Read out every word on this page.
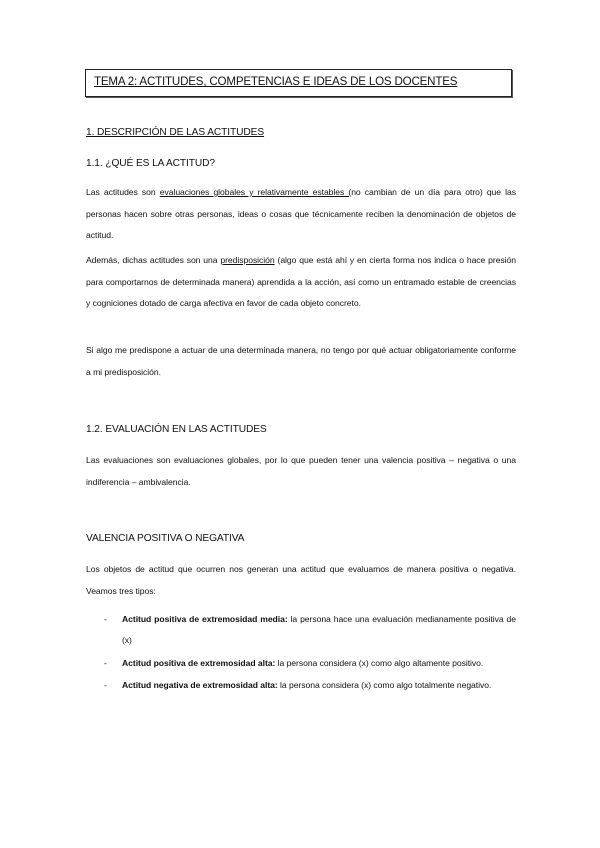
TEMA 2: ACTITUDES, COMPETENCIAS E IDEAS DE LOS DOCENTES
1. DESCRIPCIÓN DE LAS ACTITUDES
1.1. ¿QUÉ ES LA ACTITUD?

Las actitudes son evaluaciones globales y relativamente estables (no cambian de un día para otro) que las personas hacen sobre otras personas, ideas o cosas que técnicamente reciben la denominación de objetos de actitud.

Además, dichas actitudes son una predisposición (algo que está ahí y en cierta forma nos indica o hace presión para comportarnos de determinada manera) aprendida a la acción, así como un entramado estable de creencias y cogniciones dotado de carga afectiva en favor de cada objeto concreto.

Si algo me predispone a actuar de una determinada manera, no tengo por qué actuar obligatoriamente conforme a mi predisposición.

1.2. EVALUACIÓN EN LAS ACTITUDES

Las evaluaciones son evaluaciones globales, por lo que pueden tener una valencia positiva – negativa o una indiferencia – ambivalencia.

VALENCIA POSITIVA O NEGATIVA

Los objetos de actitud que ocurren nos generan una actitud que evaluamos de manera positiva o negativa. Veamos tres tipos:

- Actitud positiva de extremosidad media: la persona hace una evaluación medianamente positiva de (x)
- Actitud positiva de extremosidad alta: la persona considera (x) como algo altamente positivo.
- Actitud negativa de extremosidad alta: la persona considera (x) como algo totalmente negativo.
